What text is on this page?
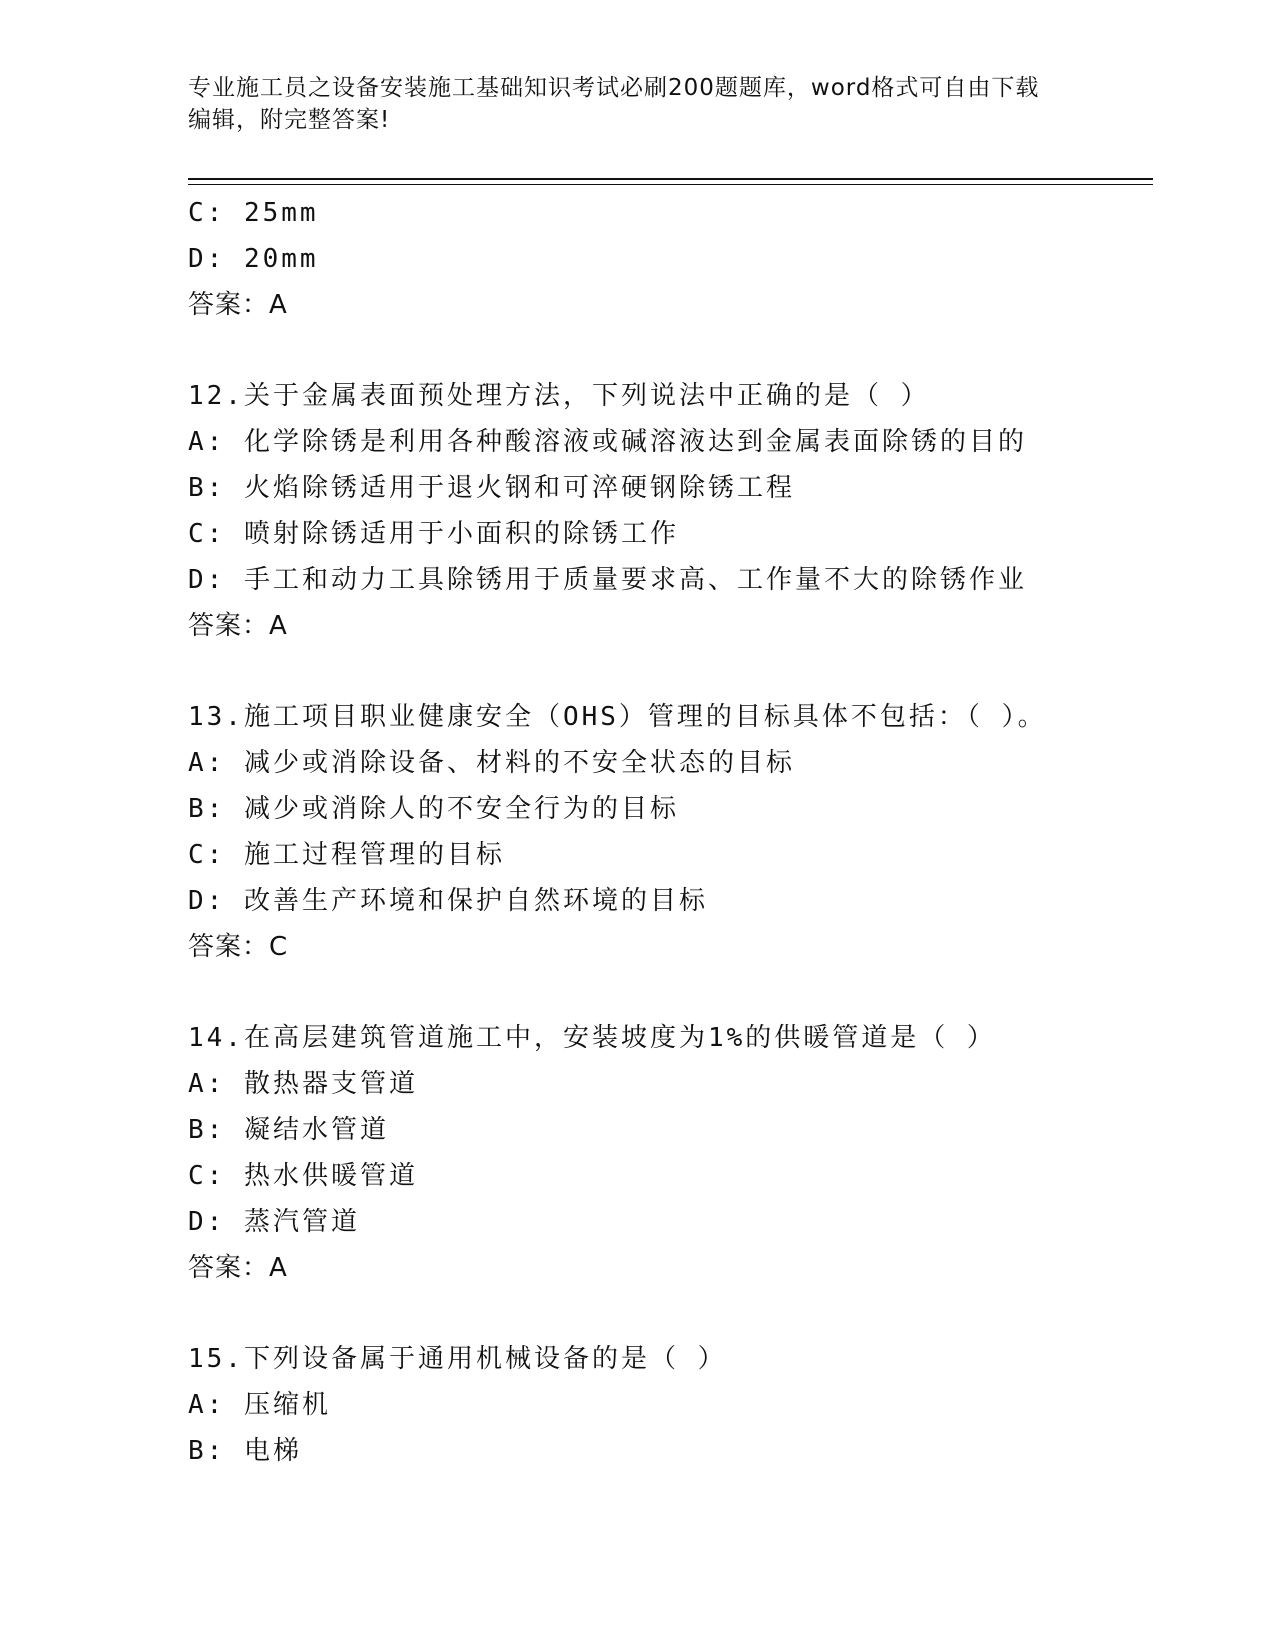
专业施工员之设备安装施工基础知识考试必刷200题题库，word格式可自由下载
编辑，附完整答案!
C: 25mm
D: 20mm
答案：A
12.关于金属表面预处理方法，下列说法中正确的是（ ）
A: 化学除锈是利用各种酸溶液或碱溶液达到金属表面除锈的目的
B: 火焰除锈适用于退火钢和可淬硬钢除锈工程
C: 喷射除锈适用于小面积的除锈工作
D: 手工和动力工具除锈用于质量要求高、工作量不大的除锈作业
答案：A
13.施工项目职业健康安全（OHS）管理的目标具体不包括：（ ）。
A: 减少或消除设备、材料的不安全状态的目标
B: 减少或消除人的不安全行为的目标
C: 施工过程管理的目标
D: 改善生产环境和保护自然环境的目标
答案：C
14.在高层建筑管道施工中，安装坡度为1%的供暖管道是（ ）
A: 散热器支管道
B: 凝结水管道
C: 热水供暖管道
D: 蒸汽管道
答案：A
15.下列设备属于通用机械设备的是（ ）
A: 压缩机
B: 电梯
